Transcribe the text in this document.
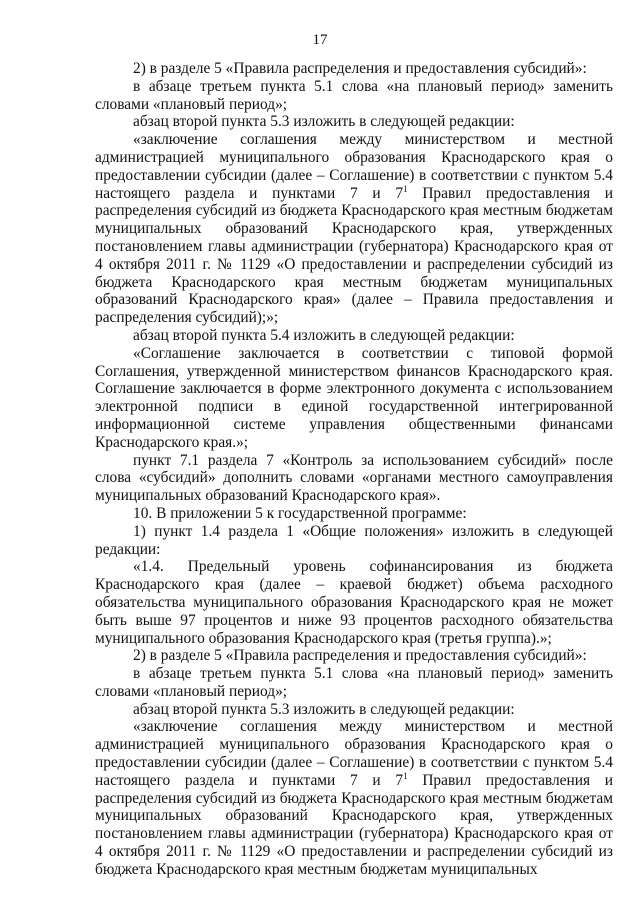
17

2) в разделе 5 «Правила распределения и предоставления субсидий»:

в абзаце третьем пункта 5.1 слова «на плановый период» заменить словами «плановый период»;

абзац второй пункта 5.3 изложить в следующей редакции:

«заключение соглашения между министерством и местной администрацией муниципального образования Краснодарского края о предоставлении субсидии (далее – Соглашение) в соответствии с пунктом 5.4 настоящего раздела и пунктами 7 и $7^1$ Правил предоставления и распределения субсидий из бюджета Краснодарского края местным бюджетам муниципальных образований Краснодарского края, утвержденных постановлением главы администрации (губернатора) Краснодарского края от 4 октября 2011 г. № 1129 «О предоставлении и распределении субсидий из бюджета Краснодарского края местным бюджетам муниципальных образований Краснодарского края» (далее – Правила предоставления и распределения субсидий);»;

абзац второй пункта 5.4 изложить в следующей редакции:

«Соглашение заключается в соответствии с типовой формой Соглашения, утвержденной министерством финансов Краснодарского края. Соглашение заключается в форме электронного документа с использованием электронной подписи в единой государственной интегрированной информационной системе управления общественными финансами Краснодарского края.»;

пункт 7.1 раздела 7 «Контроль за использованием субсидий» после слова «субсидий» дополнить словами «органами местного самоуправления муниципальных образований Краснодарского края».

10. В приложении 5 к государственной программе:

1) пункт 1.4 раздела 1 «Общие положения» изложить в следующей редакции:

«1.4. Предельный уровень софинансирования из бюджета Краснодарского края (далее – краевой бюджет) объема расходного обязательства муниципального образования Краснодарского края не может быть выше 97 процентов и ниже 93 процентов расходного обязательства муниципального образования Краснодарского края (третья группа).»;

2) в разделе 5 «Правила распределения и предоставления субсидий»:

в абзаце третьем пункта 5.1 слова «на плановый период» заменить словами «плановый период»;

абзац второй пункта 5.3 изложить в следующей редакции:

«заключение соглашения между министерством и местной администрацией муниципального образования Краснодарского края о предоставлении субсидии (далее – Соглашение) в соответствии с пунктом 5.4 настоящего раздела и пунктами 7 и $7^1$ Правил предоставления и распределения субсидий из бюджета Краснодарского края местным бюджетам муниципальных образований Краснодарского края, утвержденных постановлением главы администрации (губернатора) Краснодарского края от 4 октября 2011 г. № 1129 «О предоставлении и распределении субсидий из бюджета Краснодарского края местным бюджетам муниципальных
